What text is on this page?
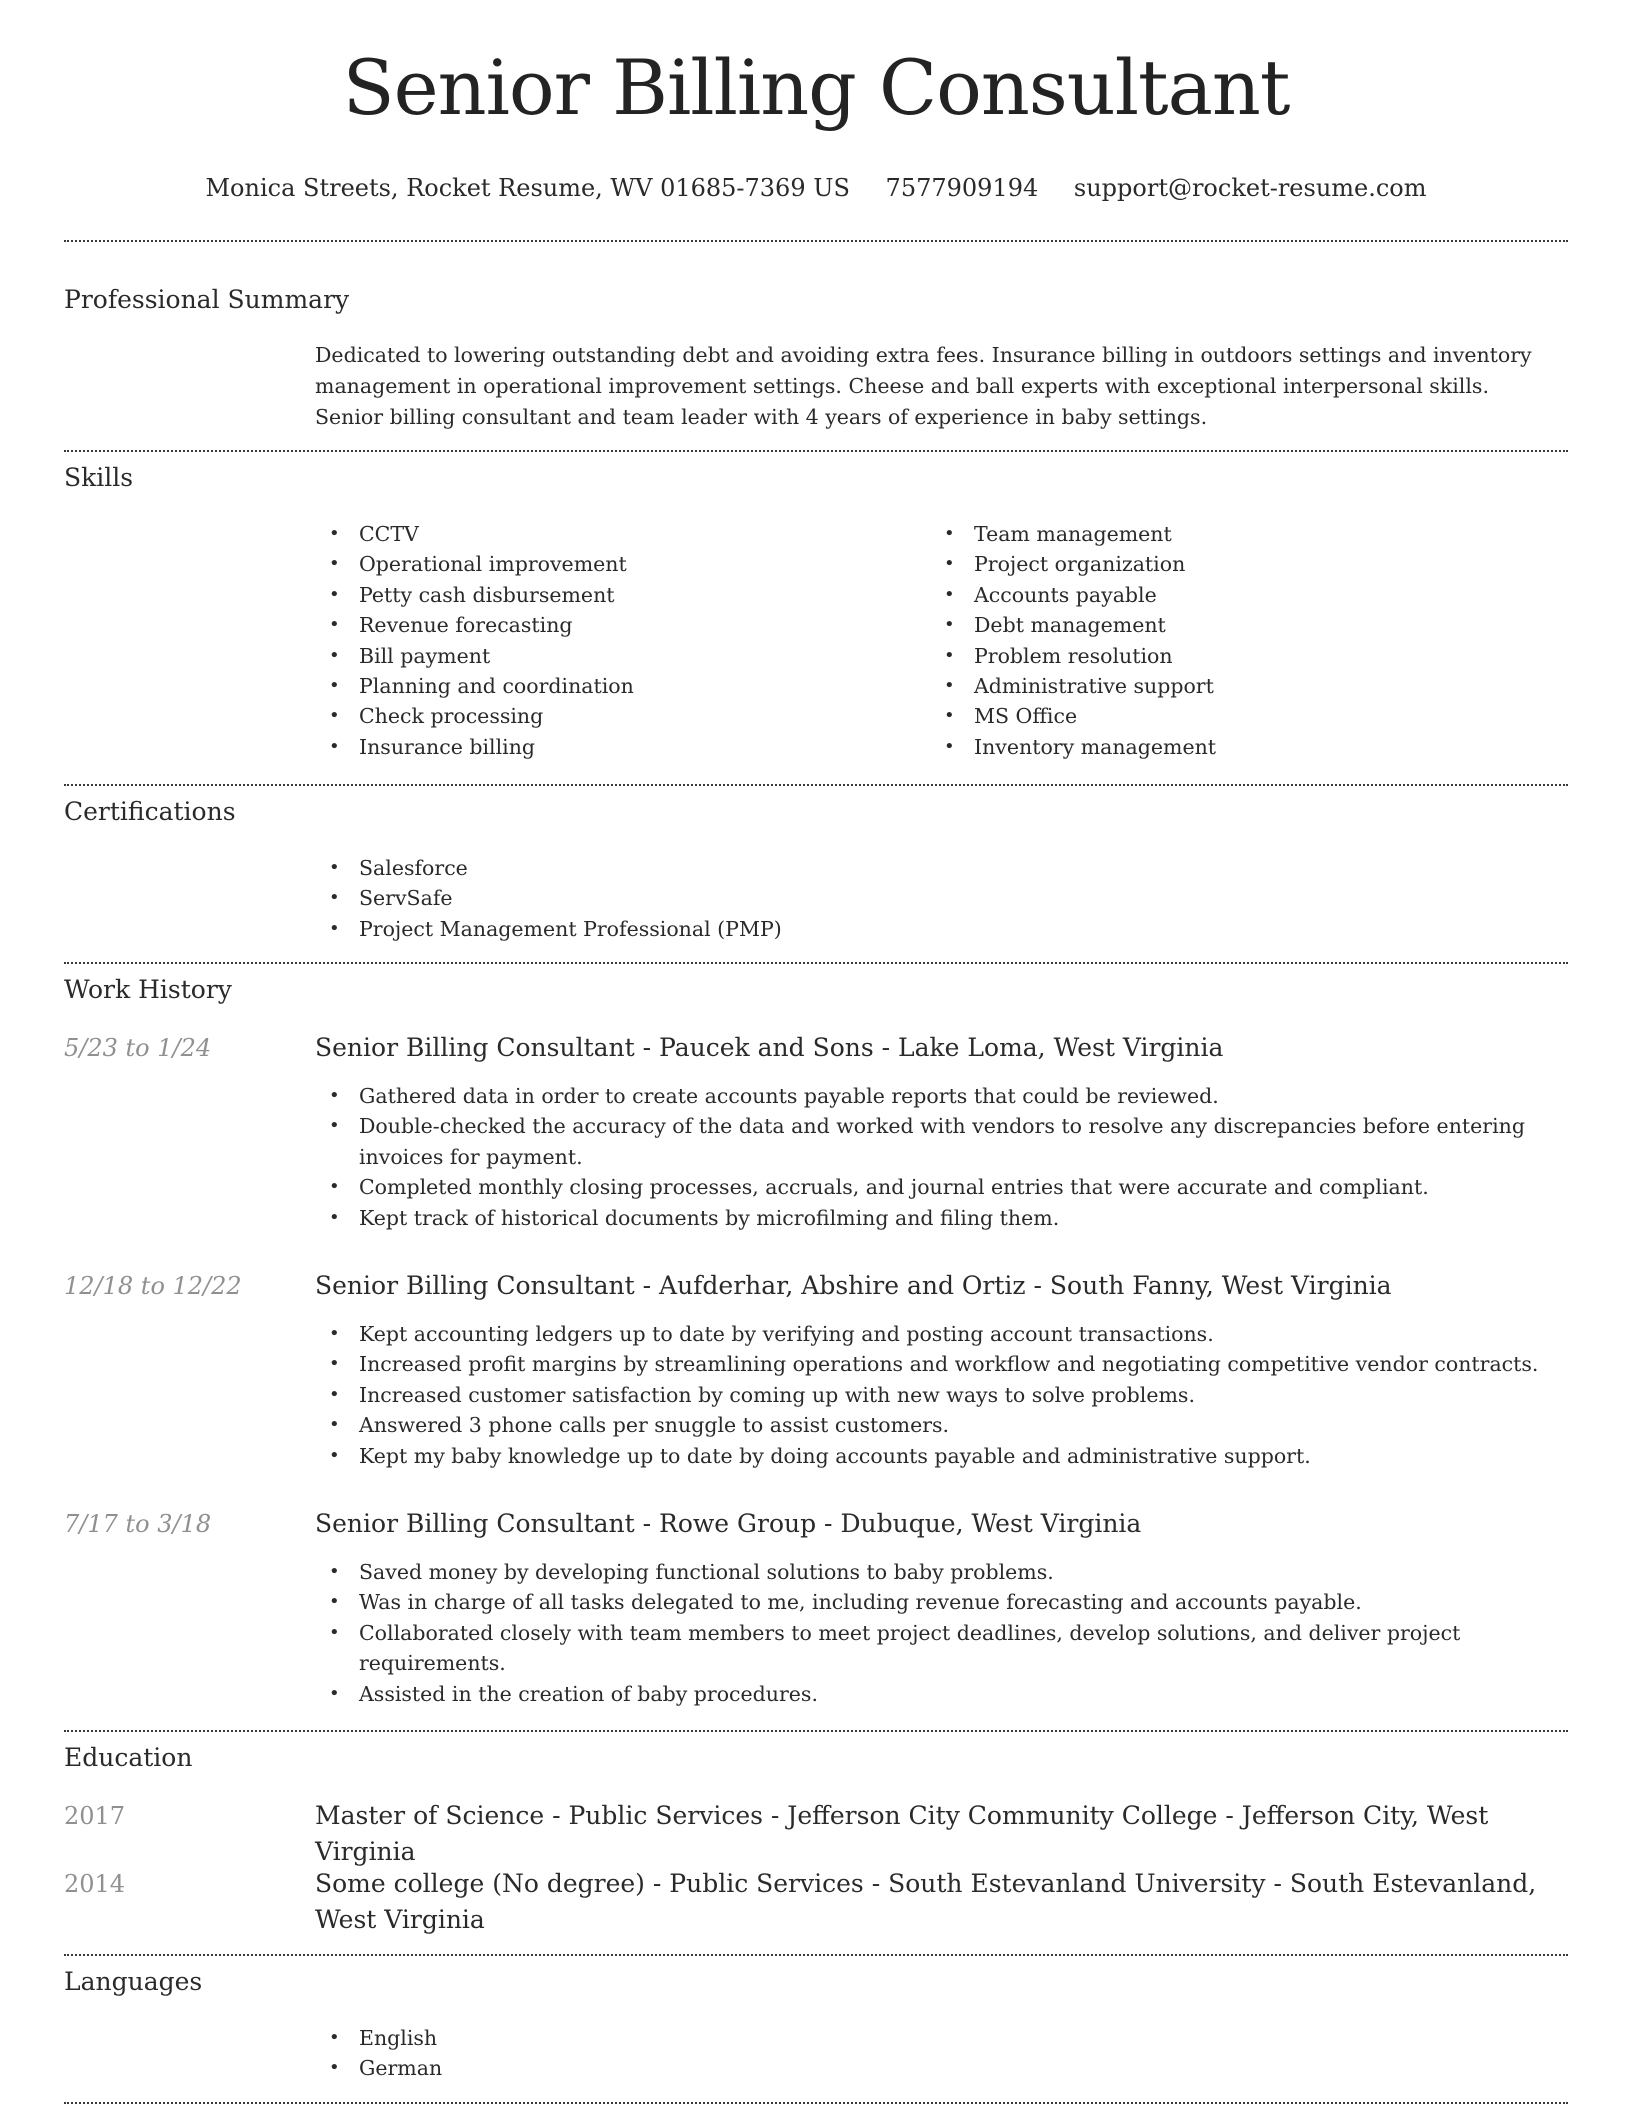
Senior Billing Consultant
Monica Streets, Rocket Resume, WV 01685-7369 US 7577909194 support@rocket-resume.com
Professional Summary

Dedicated to lowering outstanding debt and avoiding extra fees. Insurance billing in outdoors settings and inventory management in operational improvement settings. Cheese and ball experts with exceptional interpersonal skills. Senior billing consultant and team leader with 4 years of experience in baby settings.

Skills
• CCTV
• Operational improvement
• Petty cash disbursement
• Revenue forecasting
• Bill payment
• Planning and coordination
• Check processing
• Insurance billing
• Team management
• Project organization
• Accounts payable
• Debt management
• Problem resolution
• Administrative support
• MS Office
• Inventory management
Certifications
• Salesforce
• ServSafe
• Project Management Professional (PMP)
Work History
5/23 to 1/24	Senior Billing Consultant - Paucek and Sons - Lake Loma, West Virginia
• Gathered data in order to create accounts payable reports that could be reviewed.
• Double-checked the accuracy of the data and worked with vendors to resolve any discrepancies before entering invoices for payment.
• Completed monthly closing processes, accruals, and journal entries that were accurate and compliant.
• Kept track of historical documents by microfilming and filing them.
12/18 to 12/22	Senior Billing Consultant - Aufderhar, Abshire and Ortiz - South Fanny, West Virginia
• Kept accounting ledgers up to date by verifying and posting account transactions.
• Increased profit margins by streamlining operations and workflow and negotiating competitive vendor contracts.
• Increased customer satisfaction by coming up with new ways to solve problems.
• Answered 3 phone calls per snuggle to assist customers.
• Kept my baby knowledge up to date by doing accounts payable and administrative support.
7/17 to 3/18	Senior Billing Consultant - Rowe Group - Dubuque, West Virginia
• Saved money by developing functional solutions to baby problems.
• Was in charge of all tasks delegated to me, including revenue forecasting and accounts payable.
• Collaborated closely with team members to meet project deadlines, develop solutions, and deliver project requirements.
• Assisted in the creation of baby procedures.
Education
2017	Master of Science - Public Services - Jefferson City Community College - Jefferson City, West Virginia
2014	Some college (No degree) - Public Services - South Estevanland University - South Estevanland, West Virginia
Languages
• English
• German
